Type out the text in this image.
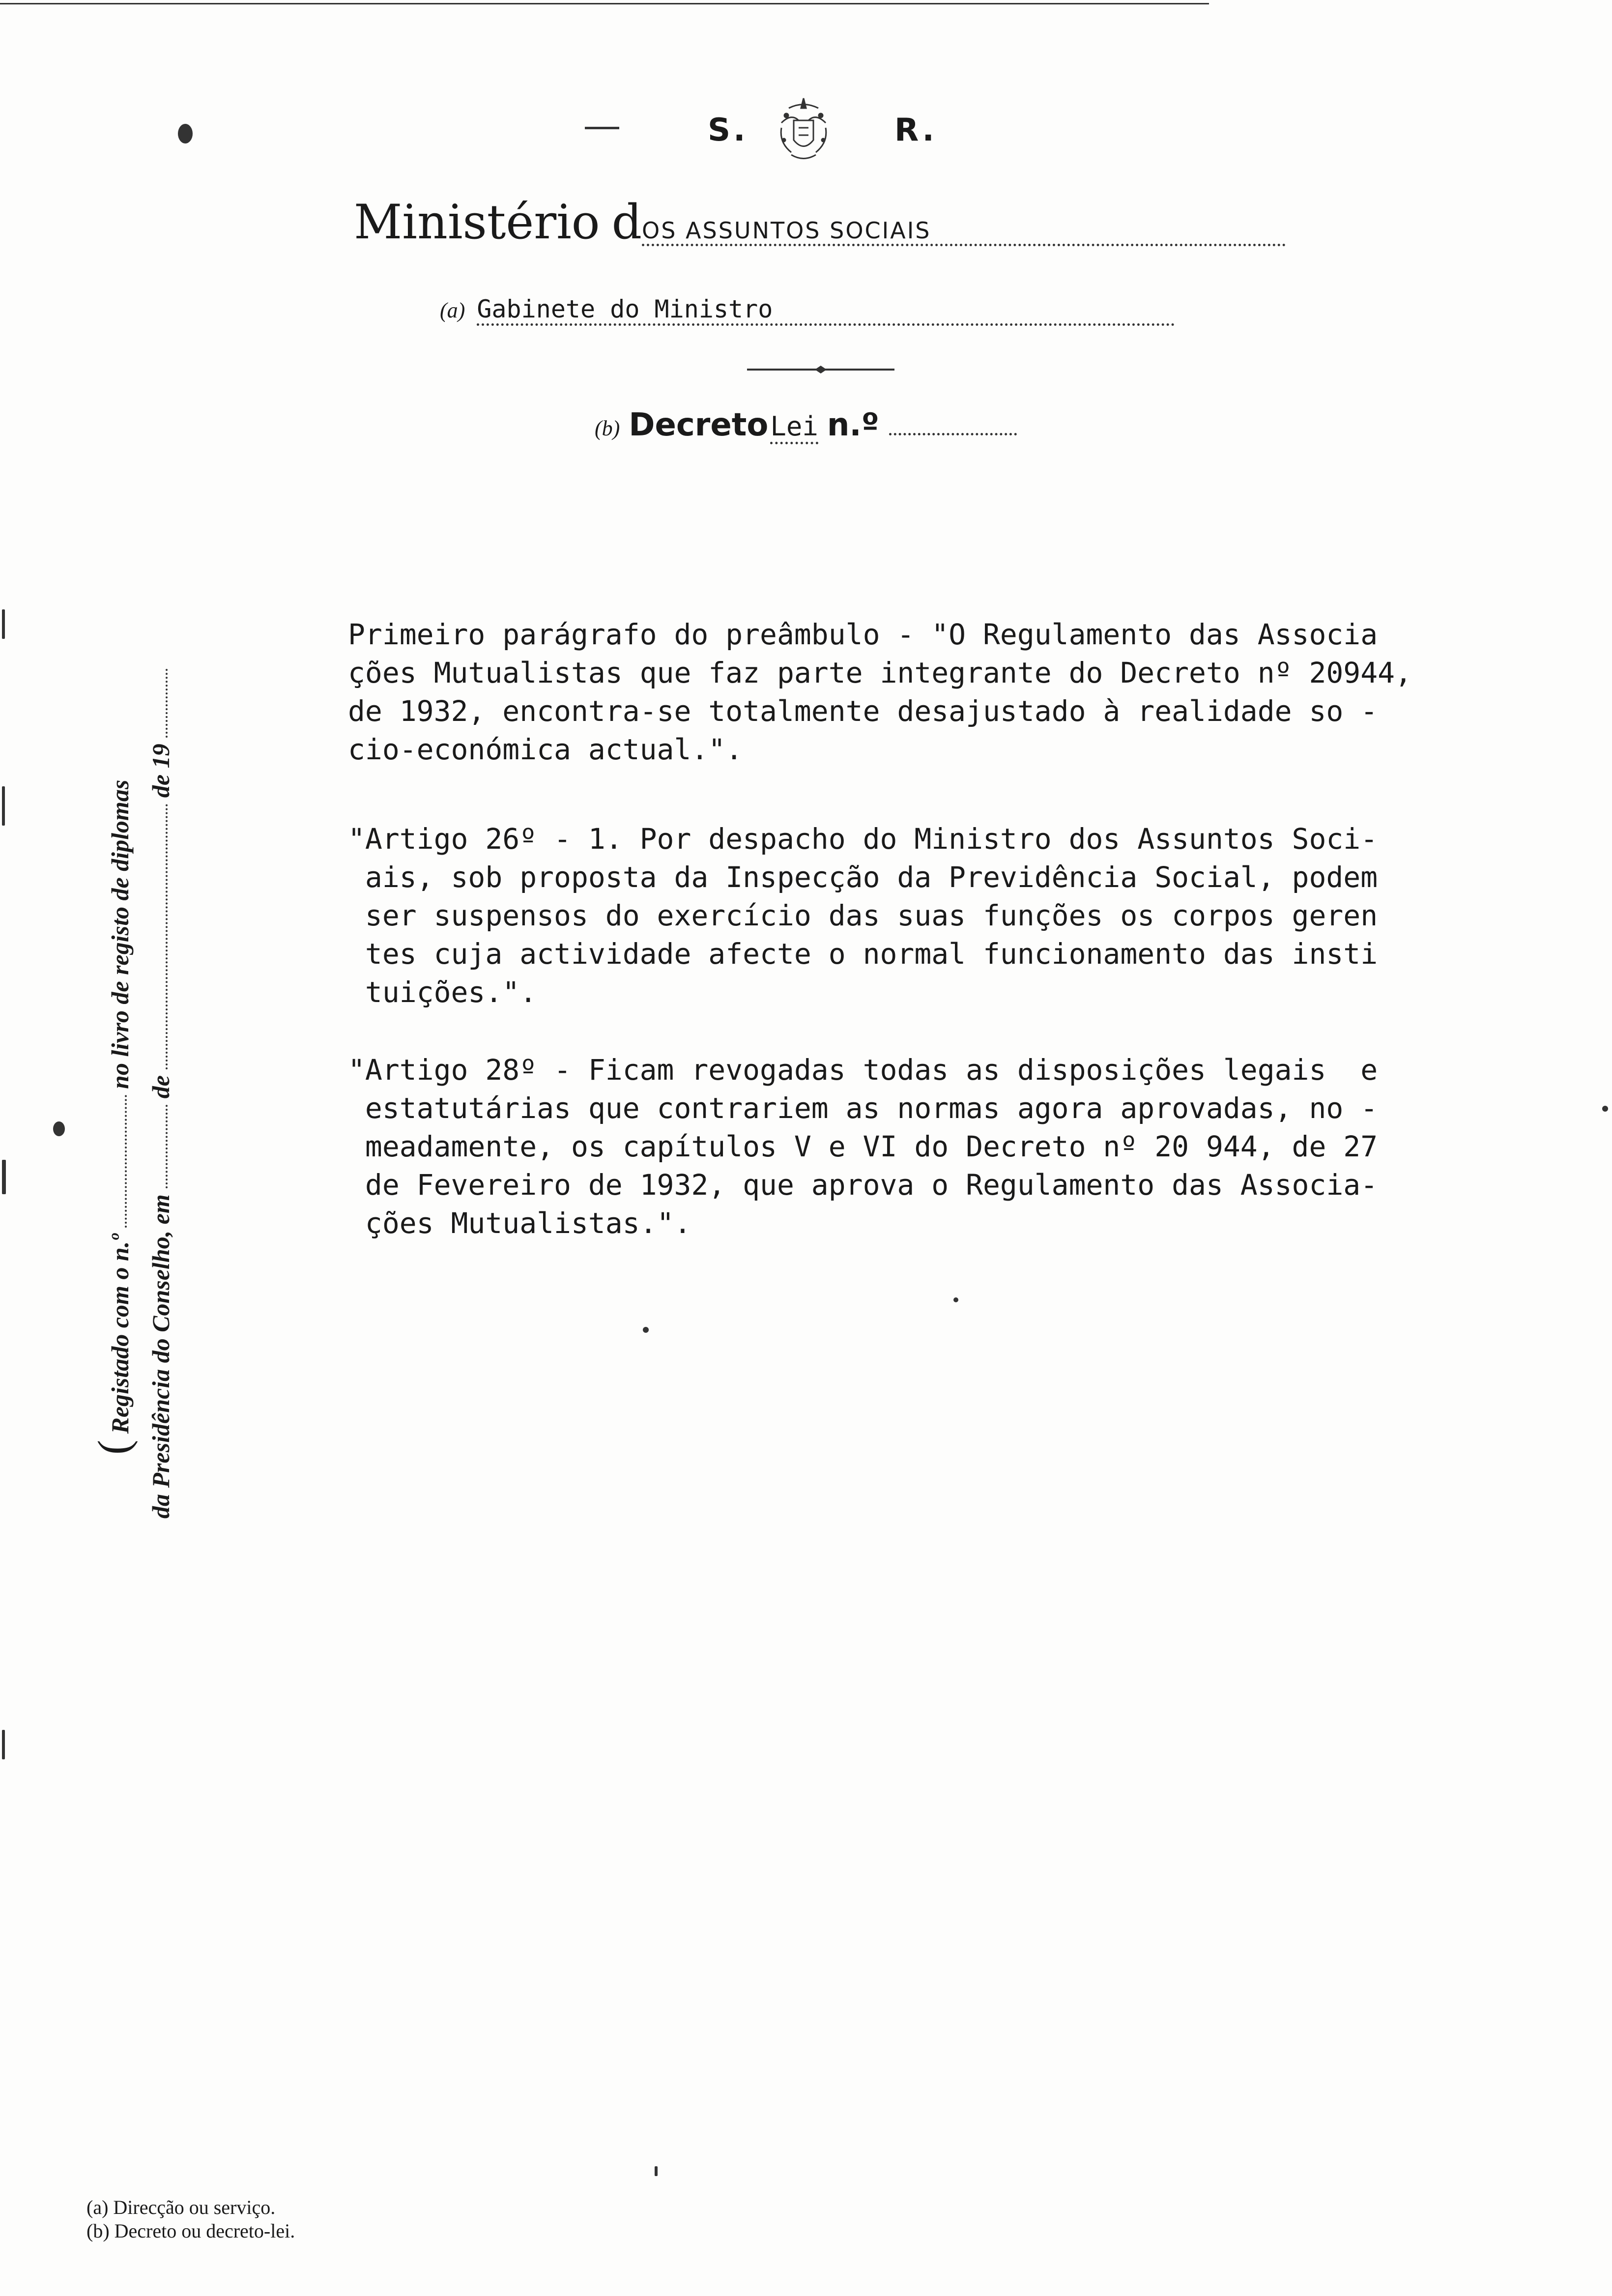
S.	R.
Ministério dOS ASSUNTOS SOCIAIS
(a) Gabinete do Ministro
(b) Decreto Lei n.º
( Registado com o n.º  no livro de registo de diplomas
da Presidência do Conselho, em  de  de 19
Primeiro parágrafo do preâmbulo - "O Regulamento das Associa
ções Mutualistas que faz parte integrante do Decreto nº 20944,
de 1932, encontra-se totalmente desajustado à realidade so -
cio-económica actual.".
"Artigo 26º - 1. Por despacho do Ministro dos Assuntos Soci-
ais, sob proposta da Inspecção da Previdência Social, podem
ser suspensos do exercício das suas funções os corpos geren
tes cuja actividade afecte o normal funcionamento das insti
tuições.".
"Artigo 28º - Ficam revogadas todas as disposições legais  e
estatutárias que contrariem as normas agora aprovadas, no -
meadamente, os capítulos V e VI do Decreto nº 20 944, de 27
de Fevereiro de 1932, que aprova o Regulamento das Associa-
ções Mutualistas.".
(a) Direcção ou serviço.
(b) Decreto ou decreto-lei.
